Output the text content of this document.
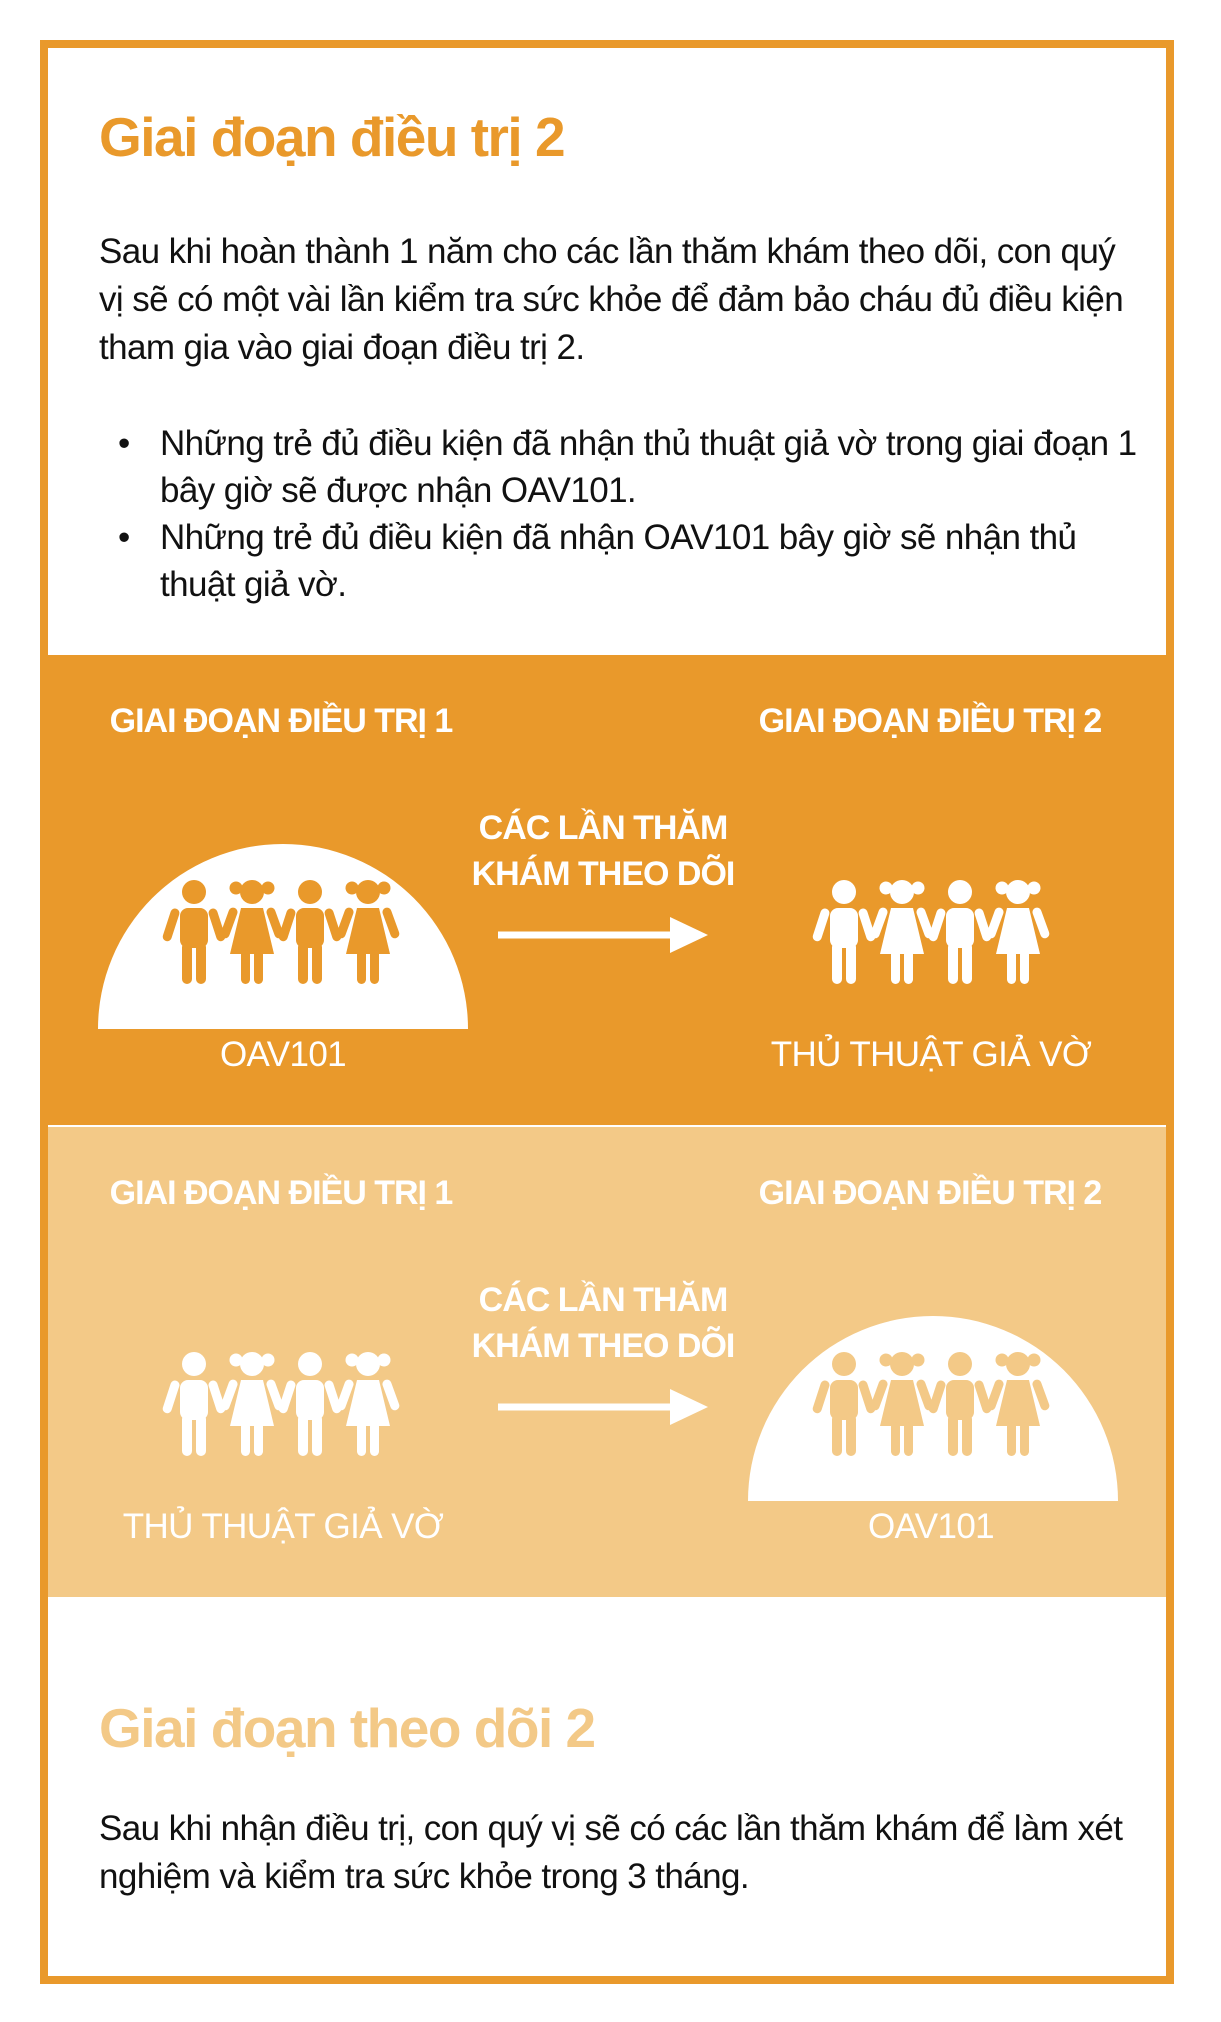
Giai đoạn điều trị 2

Sau khi hoàn thành 1 năm cho các lần thăm khám theo dõi, con quý vị sẽ có một vài lần kiểm tra sức khỏe để đảm bảo cháu đủ điều kiện tham gia vào giai đoạn điều trị 2.

• Những trẻ đủ điều kiện đã nhận thủ thuật giả vờ trong giai đoạn 1 bây giờ sẽ được nhận OAV101.
• Những trẻ đủ điều kiện đã nhận OAV101 bây giờ sẽ nhận thủ thuật giả vờ.
GIAI ĐOẠN ĐIỀU TRỊ 1	GIAI ĐOẠN ĐIỀU TRỊ 2
CÁC LẦN THĂM KHÁM THEO DÕI
OAV101	THỦ THUẬT GIẢ VỜ
GIAI ĐOẠN ĐIỀU TRỊ 1	GIAI ĐOẠN ĐIỀU TRỊ 2
CÁC LẦN THĂM KHÁM THEO DÕI
THỦ THUẬT GIẢ VỜ	OAV101
Giai đoạn theo dõi 2

Sau khi nhận điều trị, con quý vị sẽ có các lần thăm khám để làm xét nghiệm và kiểm tra sức khỏe trong 3 tháng.
